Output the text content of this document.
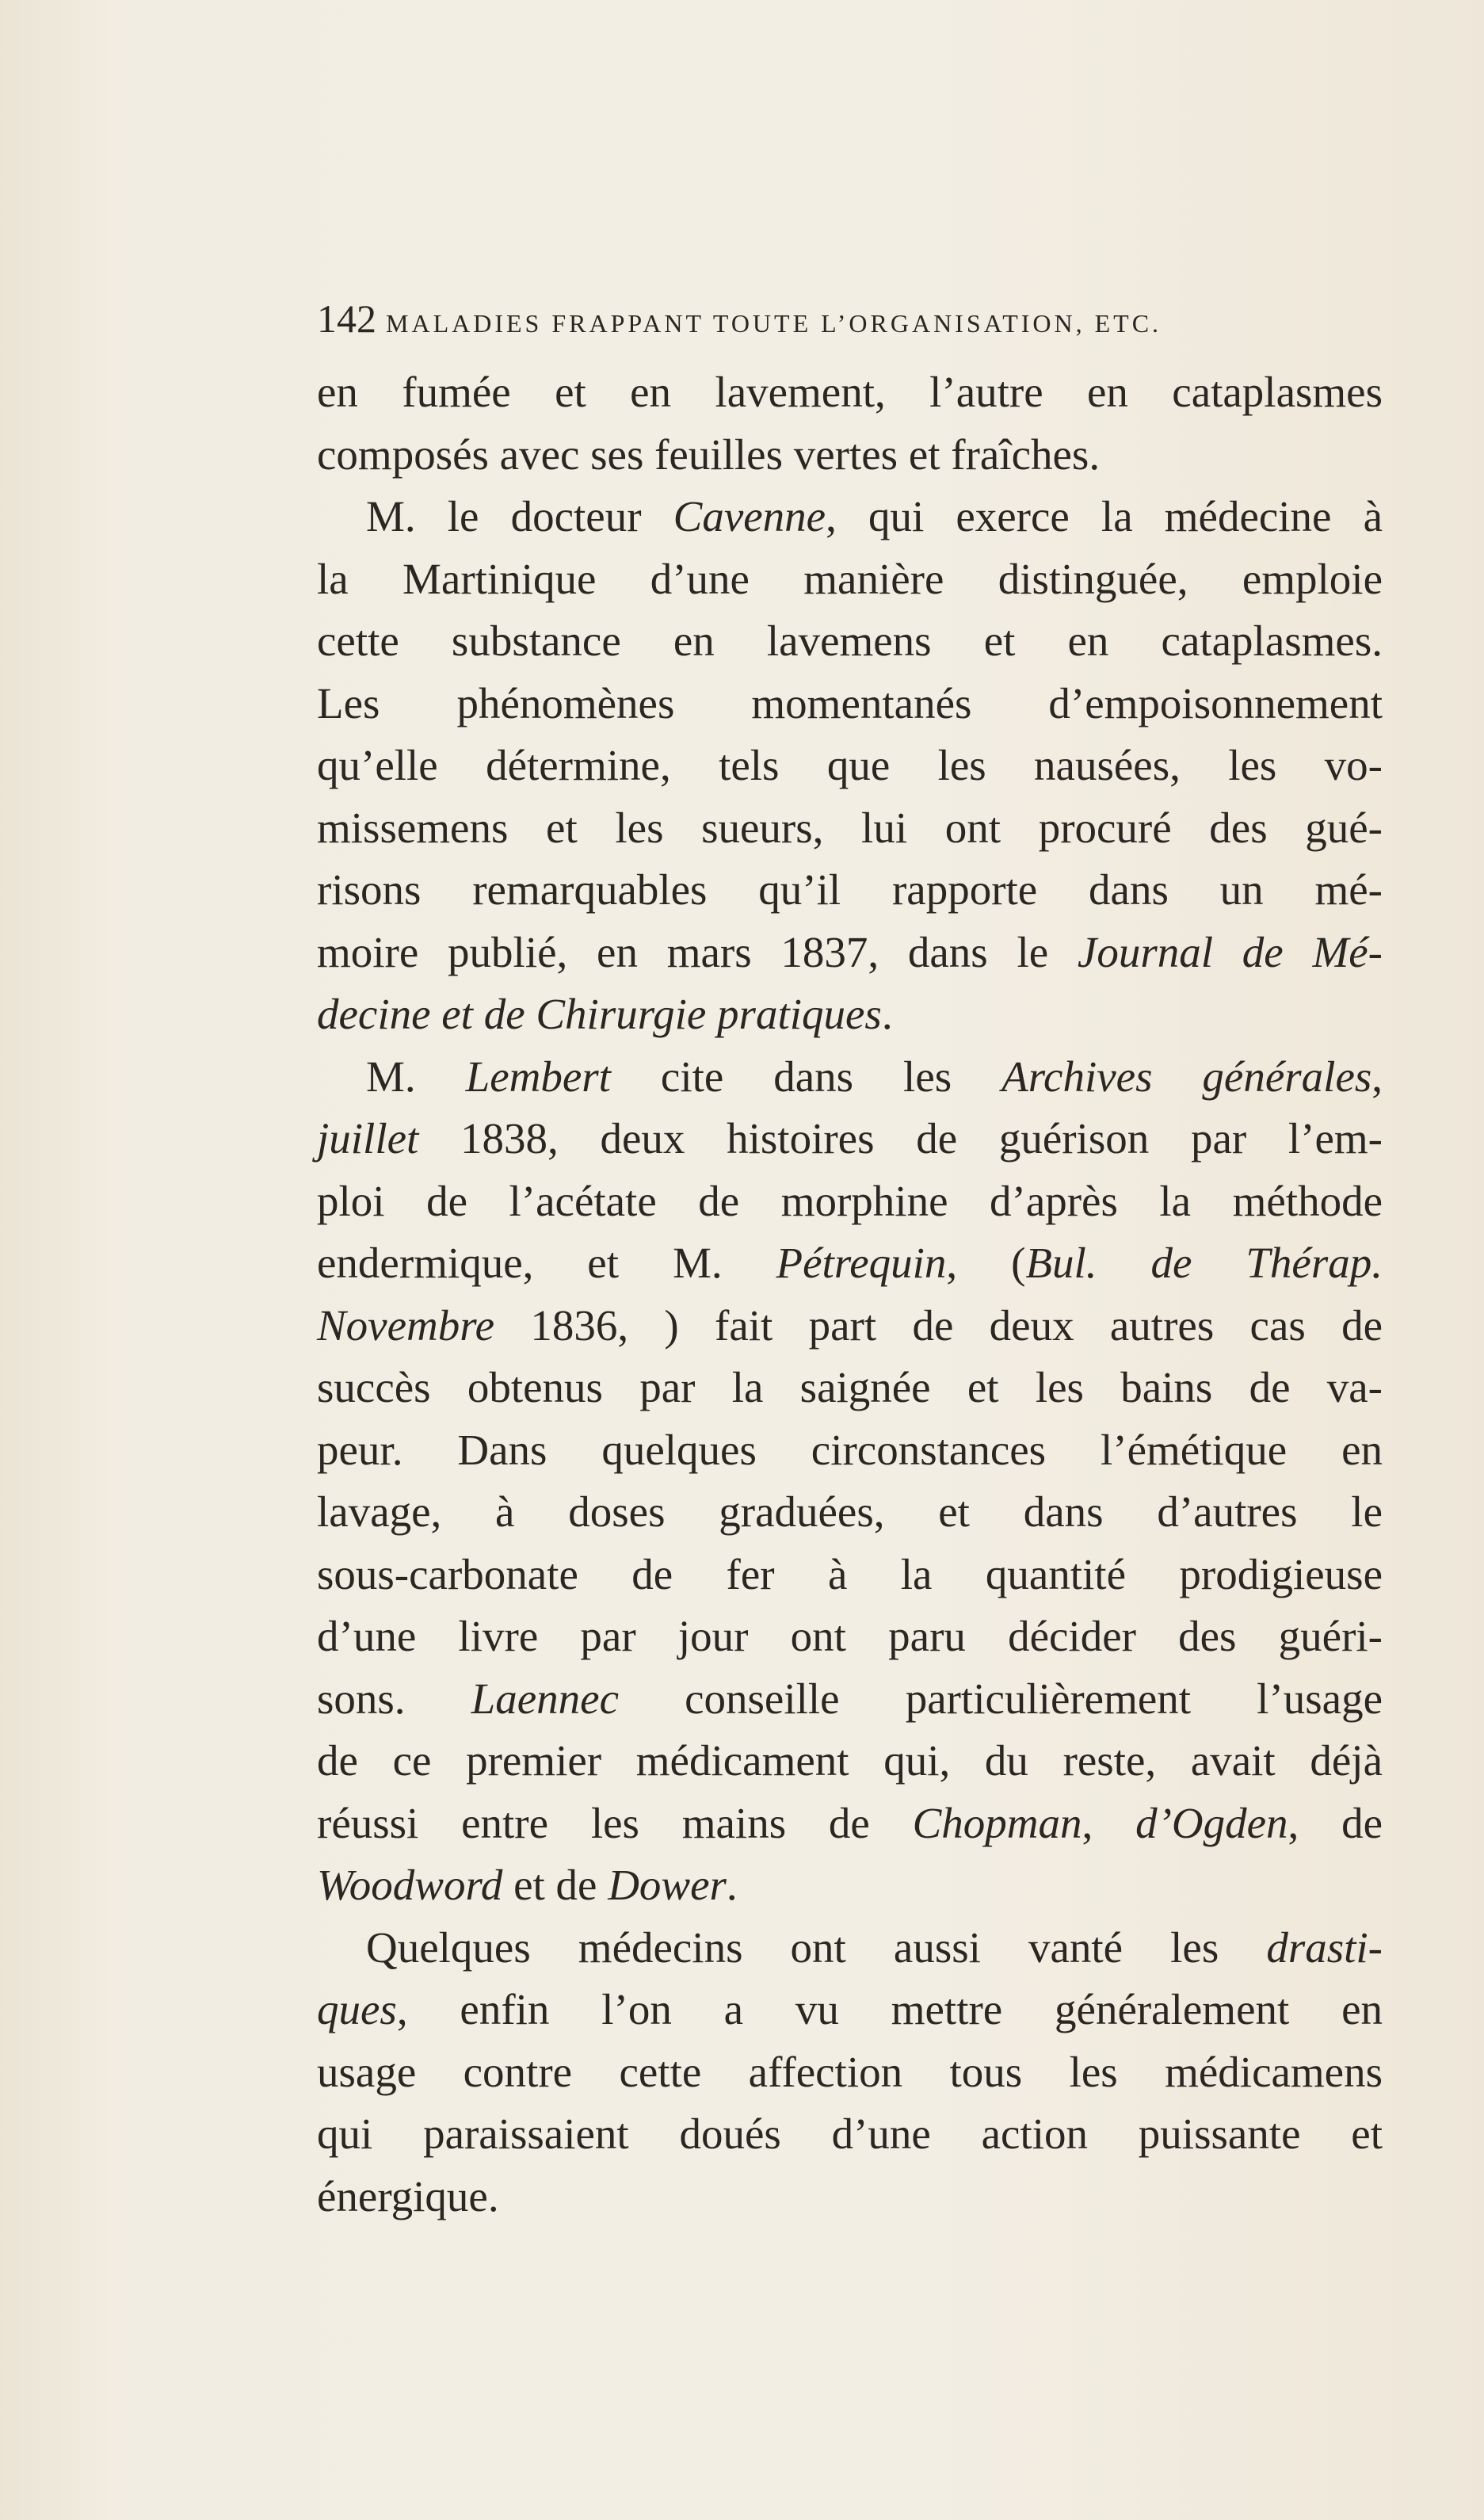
142 MALADIES FRAPPANT TOUTE L’ORGANISATION, ETC.
en fumée et en lavement, l’autre en cataplasmes
composés avec ses feuilles vertes et fraîches.
M. le docteur Cavenne, qui exerce la médecine à
la Martinique d’une manière distinguée, emploie
cette substance en lavemens et en cataplasmes.
Les phénomènes momentanés d’empoisonnement
qu’elle détermine, tels que les nausées, les vo-
missemens et les sueurs, lui ont procuré des gué-
risons remarquables qu’il rapporte dans un mé-
moire publié, en mars 1837, dans le Journal de Mé-
decine et de Chirurgie pratiques.
M. Lembert cite dans les Archives générales,
juillet 1838, deux histoires de guérison par l’em-
ploi de l’acétate de morphine d’après la méthode
endermique, et M. Pétrequin, (Bul. de Thérap.
Novembre 1836, ) fait part de deux autres cas de
succès obtenus par la saignée et les bains de va-
peur. Dans quelques circonstances l’émétique en
lavage, à doses graduées, et dans d’autres le
sous-carbonate de fer à la quantité prodigieuse
d’une livre par jour ont paru décider des guéri-
sons. Laennec conseille particulièrement l’usage
de ce premier médicament qui, du reste, avait déjà
réussi entre les mains de Chopman, d’Ogden, de
Woodword et de Dower.
Quelques médecins ont aussi vanté les drasti-
ques, enfin l’on a vu mettre généralement en
usage contre cette affection tous les médicamens
qui paraissaient doués d’une action puissante et
énergique.
